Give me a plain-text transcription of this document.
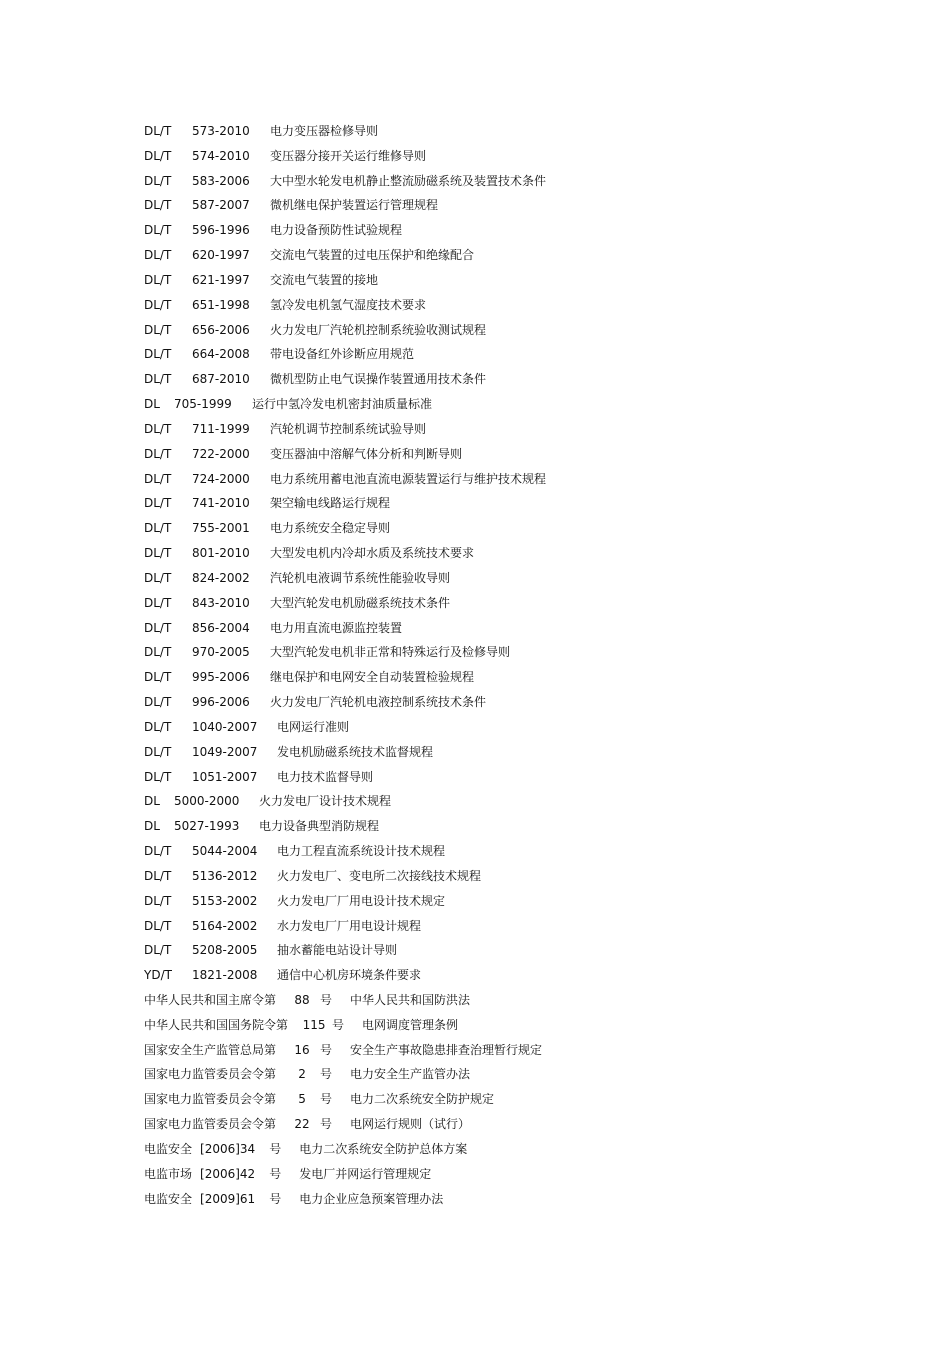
DL/T 573-2010 电力变压器检修导则
DL/T 574-2010 变压器分接开关运行维修导则
DL/T 583-2006 大中型水轮发电机静止整流励磁系统及装置技术条件
DL/T 587-2007 微机继电保护装置运行管理规程
DL/T 596-1996 电力设备预防性试验规程
DL/T 620-1997 交流电气装置的过电压保护和绝缘配合
DL/T 621-1997 交流电气装置的接地
DL/T 651-1998 氢冷发电机氢气湿度技术要求
DL/T 656-2006 火力发电厂汽轮机控制系统验收测试规程
DL/T 664-2008 带电设备红外诊断应用规范
DL/T 687-2010 微机型防止电气误操作装置通用技术条件
DL 705-1999 运行中氢冷发电机密封油质量标准
DL/T 711-1999 汽轮机调节控制系统试验导则
DL/T 722-2000 变压器油中溶解气体分析和判断导则
DL/T 724-2000 电力系统用蓄电池直流电源装置运行与维护技术规程
DL/T 741-2010 架空输电线路运行规程
DL/T 755-2001 电力系统安全稳定导则
DL/T 801-2010 大型发电机内冷却水质及系统技术要求
DL/T 824-2002 汽轮机电液调节系统性能验收导则
DL/T 843-2010 大型汽轮发电机励磁系统技术条件
DL/T 856-2004 电力用直流电源监控装置
DL/T 970-2005 大型汽轮发电机非正常和特殊运行及检修导则
DL/T 995-2006 继电保护和电网安全自动装置检验规程
DL/T 996-2006 火力发电厂汽轮机电液控制系统技术条件
DL/T 1040-2007 电网运行准则
DL/T 1049-2007 发电机励磁系统技术监督规程
DL/T 1051-2007 电力技术监督导则
DL 5000-2000 火力发电厂设计技术规程
DL 5027-1993 电力设备典型消防规程
DL/T 5044-2004 电力工程直流系统设计技术规程
DL/T 5136-2012 火力发电厂、变电所二次接线技术规程
DL/T 5153-2002 火力发电厂厂用电设计技术规定
DL/T 5164-2002 水力发电厂厂用电设计规程
DL/T 5208-2005 抽水蓄能电站设计导则
YD/T 1821-2008 通信中心机房环境条件要求
中华人民共和国主席令第 88 号 中华人民共和国防洪法
中华人民共和国国务院令第 115 号 电网调度管理条例
国家安全生产监管总局第 16 号 安全生产事故隐患排查治理暂行规定
国家电力监管委员会令第 2 号 电力安全生产监管办法
国家电力监管委员会令第 5 号 电力二次系统安全防护规定
国家电力监管委员会令第 22 号 电网运行规则（试行）
电监安全 [2006]34 号 电力二次系统安全防护总体方案
电监市场 [2006]42 号 发电厂并网运行管理规定
电监安全 [2009]61 号 电力企业应急预案管理办法
